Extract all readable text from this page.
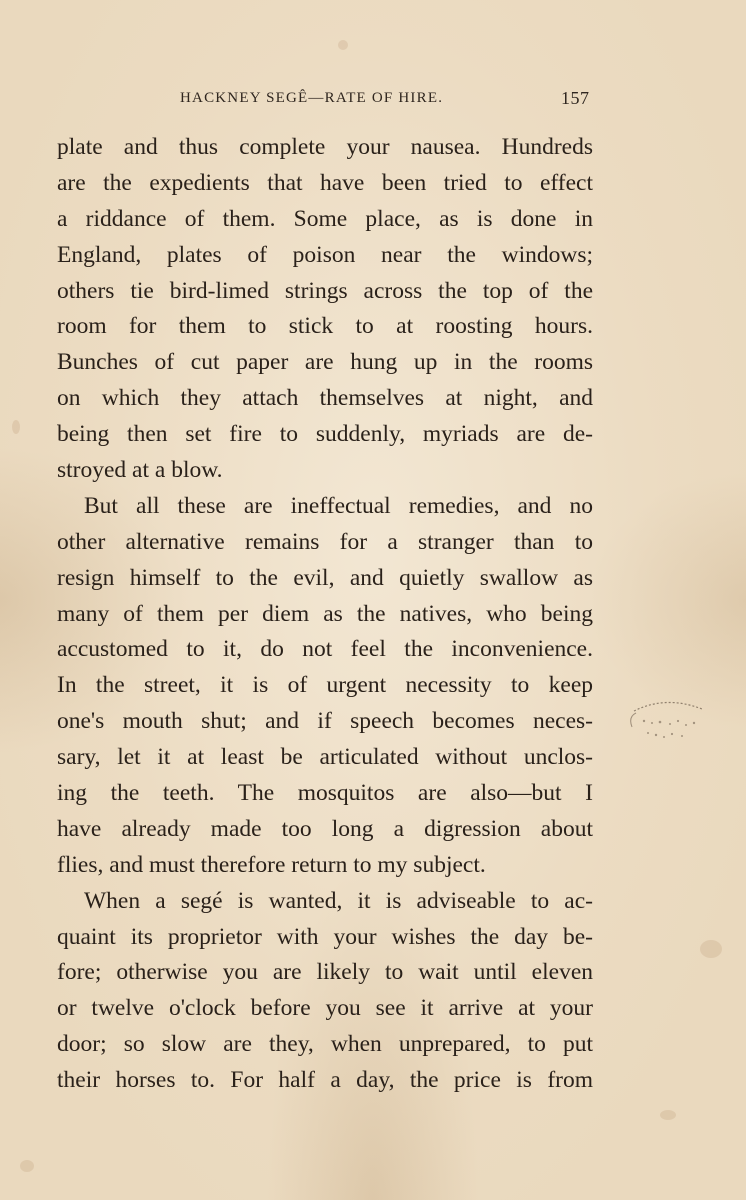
HACKNEY SEGÊ—RATE OF HIRE.	157
plate and thus complete your nausea. Hundreds
are the expedients that have been tried to effect
a riddance of them. Some place, as is done in
England, plates of poison near the windows;
others tie bird-limed strings across the top of the
room for them to stick to at roosting hours.
Bunches of cut paper are hung up in the rooms
on which they attach themselves at night, and
being then set fire to suddenly, myriads are de-
stroyed at a blow.
But all these are ineffectual remedies, and no
other alternative remains for a stranger than to
resign himself to the evil, and quietly swallow as
many of them per diem as the natives, who being
accustomed to it, do not feel the inconvenience.
In the street, it is of urgent necessity to keep
one's mouth shut; and if speech becomes neces-
sary, let it at least be articulated without unclos-
ing the teeth. The mosquitos are also—but I
have already made too long a digression about
flies, and must therefore return to my subject.
When a segé is wanted, it is adviseable to ac-
quaint its proprietor with your wishes the day be-
fore; otherwise you are likely to wait until eleven
or twelve o'clock before you see it arrive at your
door; so slow are they, when unprepared, to put
their horses to. For half a day, the price is from
